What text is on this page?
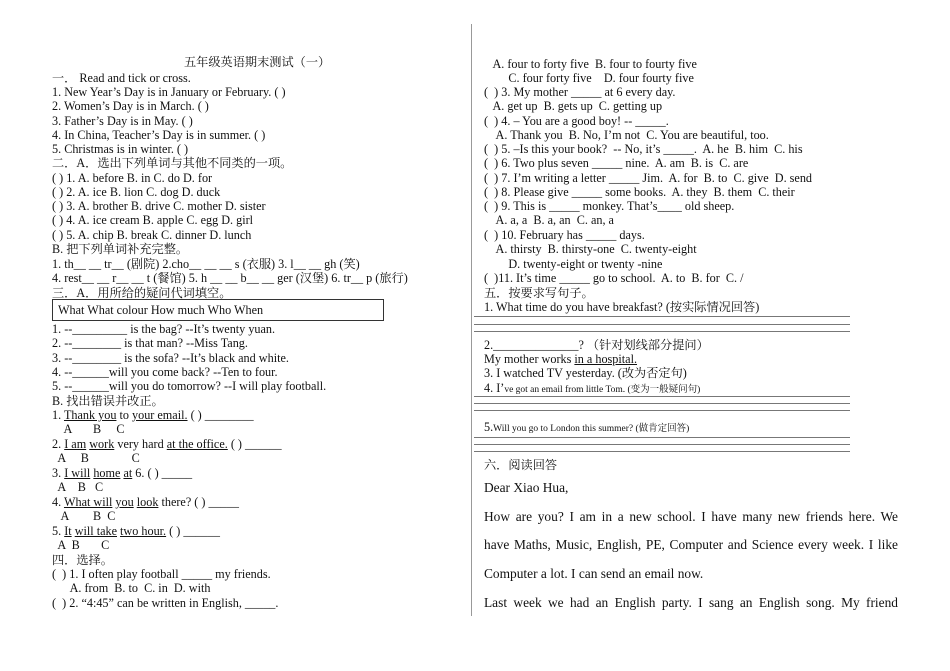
五年级英语期末测试（一）
一． Read and tick or cross.
1. New Year’s Day is in January or February. ( )
2. Women’s Day is in March. ( )
3. Father’s Day is in May. ( )
4. In China, Teacher’s Day is in summer. ( )
5. Christmas is in winter. ( )
二．A．选出下列单词与其他不同类的一项。
( ) 1. A. before B. in C. do D. for
( ) 2. A. ice B. lion C. dog D. duck
( ) 3. A. brother B. drive C. mother D. sister
( ) 4. A. ice cream B. apple C. egg D. girl
( ) 5. A. chip B. break C. dinner D. lunch
B. 把下列单词补充完整。
1. th__ __ tr__ (剧院) 2.cho__ __ __ s (衣服) 3. l__ __ gh (笑)
4. rest__ __ r__ __ t (餐馆) 5. h __ __ b__ __ ger (汉堡) 6. tr__ p (旅行)
三．A．用所给的疑问代词填空。
What What colour How much Who When
1. --_________ is the bag? --It’s twenty yuan.
2. --________ is that man? --Miss Tang.
3. --________ is the sofa? --It’s black and white.
4. --______will you come back? --Ten to four.
5. --______will you do tomorrow? --I will play football.
B. 找出错误并改正。
1. Thank you to your email. ( ) ________
A       B     C
2. I am work very hard at the office. ( ) ______
A     B              C
3. I will home at 6. ( ) _____
A    B   C
4. What will you look there? ( ) _____
A        B  C
5. It will take two hour. ( ) ______
A  B       C
四．选择。
(  ) 1. I often play football _____ my friends.
A. from  B. to  C. in  D. with
(  ) 2. “4:45” can be written in English, _____.
A. four to forty five  B. four to fourty five
C. four forty five    D. four fourty five
(  ) 3. My mother _____ at 6 every day.
A. get up  B. gets up  C. getting up
(  ) 4. – You are a good boy! -- _____.
A. Thank you  B. No, I’m not  C. You are beautiful, too.
(  ) 5. –Is this your book?  -- No, it’s _____.  A. he  B. him  C. his
(  ) 6. Two plus seven _____ nine.  A. am  B. is  C. are
(  ) 7. I’m writing a letter _____ Jim.  A. for  B. to  C. give  D. send
(  ) 8. Please give _____ some books.  A. they  B. them  C. their
(  ) 9. This is _____ monkey. That’s____ old sheep.
A. a, a  B. a, an  C. an, a
(  ) 10. February has _____ days.
A. thirsty  B. thirsty-one  C. twenty-eight
D. twenty-eight or twenty -nine
(  )11. It’s time _____ go to school.  A. to  B. for  C. /
五．按要求写句子。
1. What time do you have breakfast? (按实际情况回答)
2.______________? （针对划线部分提问）
My mother works in a hospital.
3. I watched TV yesterday. (改为否定句)
4. I’ve got an email from little Tom. (变为一般疑问句)
5.Will you go to London this summer? (做肯定回答)
六．阅读回答
Dear Xiao Hua,
How are you? I am in a new school. I have many new friends here. We
have Maths, Music, English, PE, Computer and Science every week. I like
Computer a lot. I can send an email now.
Last week we had an English party. I sang an English song. My friend
